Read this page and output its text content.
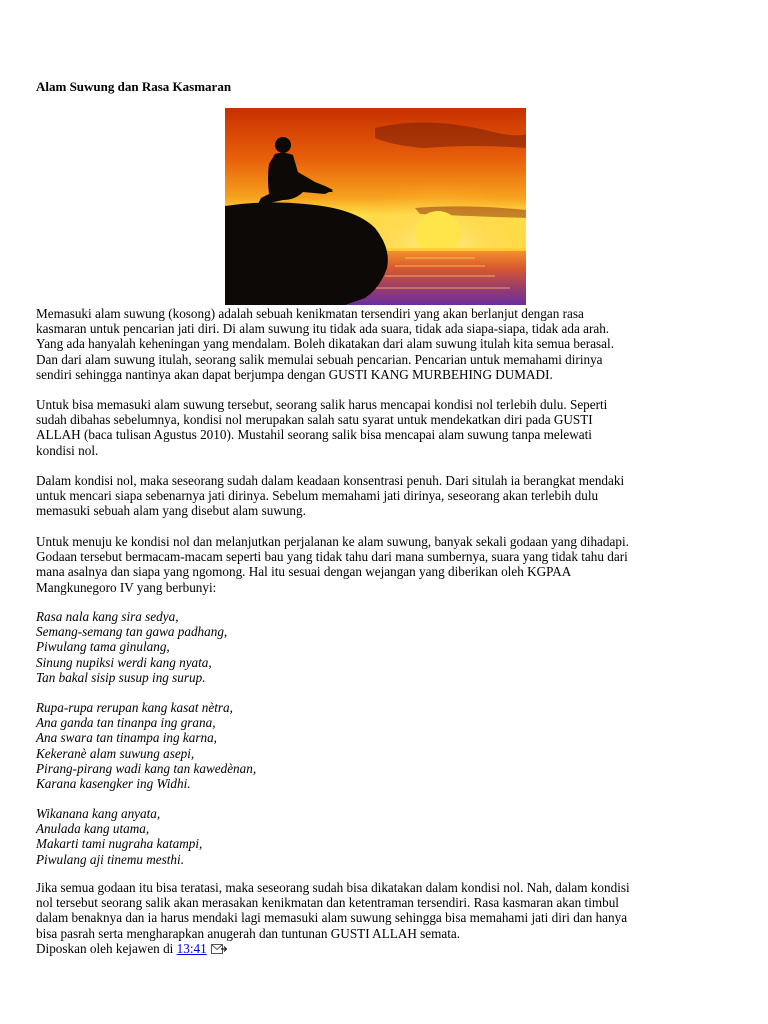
Alam Suwung dan Rasa Kasmaran

Memasuki alam suwung (kosong) adalah sebuah kenikmatan tersendiri yang akan berlanjut dengan rasa

kasmaran untuk pencarian jati diri. Di alam suwung itu tidak ada suara, tidak ada siapa-siapa, tidak ada arah.

Yang ada hanyalah keheningan yang mendalam. Boleh dikatakan dari alam suwung itulah kita semua berasal.

Dan dari alam suwung itulah, seorang salik memulai sebuah pencarian. Pencarian untuk memahami dirinya

sendiri sehingga nantinya akan dapat berjumpa dengan GUSTI KANG MURBEHING DUMADI.

Untuk bisa memasuki alam suwung tersebut, seorang salik harus mencapai kondisi nol terlebih dulu. Seperti

sudah dibahas sebelumnya, kondisi nol merupakan salah satu syarat untuk mendekatkan diri pada GUSTI

ALLAH (baca tulisan Agustus 2010). Mustahil seorang salik bisa mencapai alam suwung tanpa melewati

kondisi nol.

Dalam kondisi nol, maka seseorang sudah dalam keadaan konsentrasi penuh. Dari situlah ia berangkat mendaki

untuk mencari siapa sebenarnya jati dirinya. Sebelum memahami jati dirinya, seseorang akan terlebih dulu

memasuki sebuah alam yang disebut alam suwung.

Untuk menuju ke kondisi nol dan melanjutkan perjalanan ke alam suwung, banyak sekali godaan yang dihadapi.

Godaan tersebut bermacam-macam seperti bau yang tidak tahu dari mana sumbernya, suara yang tidak tahu dari

mana asalnya dan siapa yang ngomong. Hal itu sesuai dengan wejangan yang diberikan oleh KGPAA

Mangkunegoro IV yang berbunyi:

Rasa nala kang sira sedya,

Semang-semang tan gawa padhang,

Piwulang tama ginulang,

Sinung nupiksi werdi kang nyata,

Tan bakal sisip susup ing surup.

Rupa-rupa rerupan kang kasat nètra,

Ana ganda tan tinanpa ing grana,

Ana swara tan tinampa ing karna,

Kekeranè alam suwung asepi,

Pirang-pirang wadi kang tan kawedènan,

Karana kasengker ing Widhi.

Wikanana kang anyata,

Anulada kang utama,

Makarti tami nugraha katampi,

Piwulang aji tinemu mesthi.

Jika semua godaan itu bisa teratasi, maka seseorang sudah bisa dikatakan dalam kondisi nol. Nah, dalam kondisi

nol tersebut seorang salik akan merasakan kenikmatan dan ketentraman tersendiri. Rasa kasmaran akan timbul

dalam benaknya dan ia harus mendaki lagi memasuki alam suwung sehingga bisa memahami jati diri dan hanya

bisa pasrah serta mengharapkan anugerah dan tuntunan GUSTI ALLAH semata.

Diposkan oleh kejawen di 13:41
